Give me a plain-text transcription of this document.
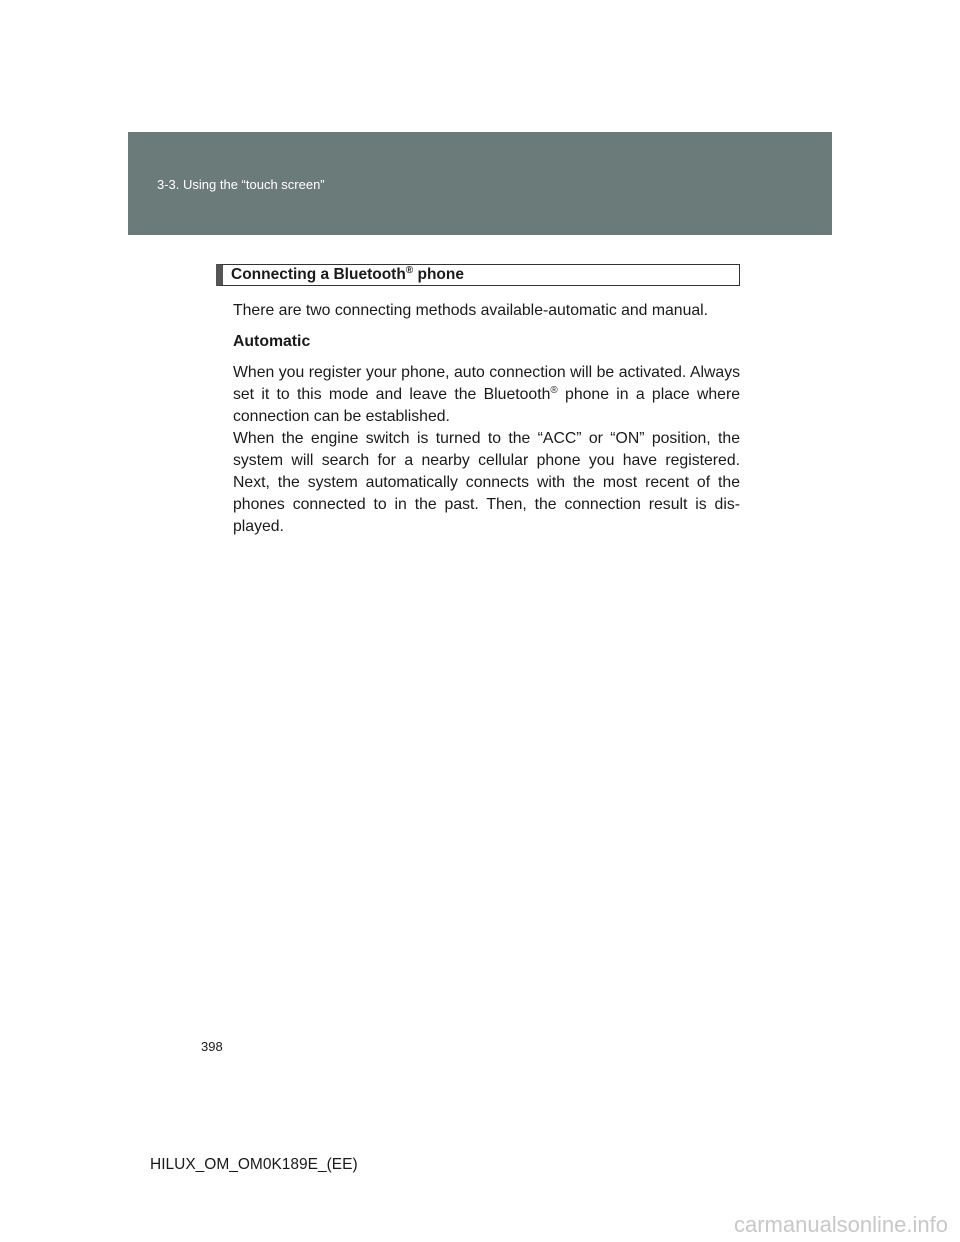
3-3. Using the “touch screen”
Connecting a Bluetooth® phone

There are two connecting methods available-automatic and manual.

Automatic

When you register your phone, auto connection will be activated. Always set it to this mode and leave the Bluetooth® phone in a place where connection can be established.

When the engine switch is turned to the “ACC” or “ON” position, the system will search for a nearby cellular phone you have registered. Next, the system automatically connects with the most recent of the phones connected to in the past. Then, the connection result is dis-played.

398
HILUX_OM_OM0K189E_(EE)
carmanualsonline.info
